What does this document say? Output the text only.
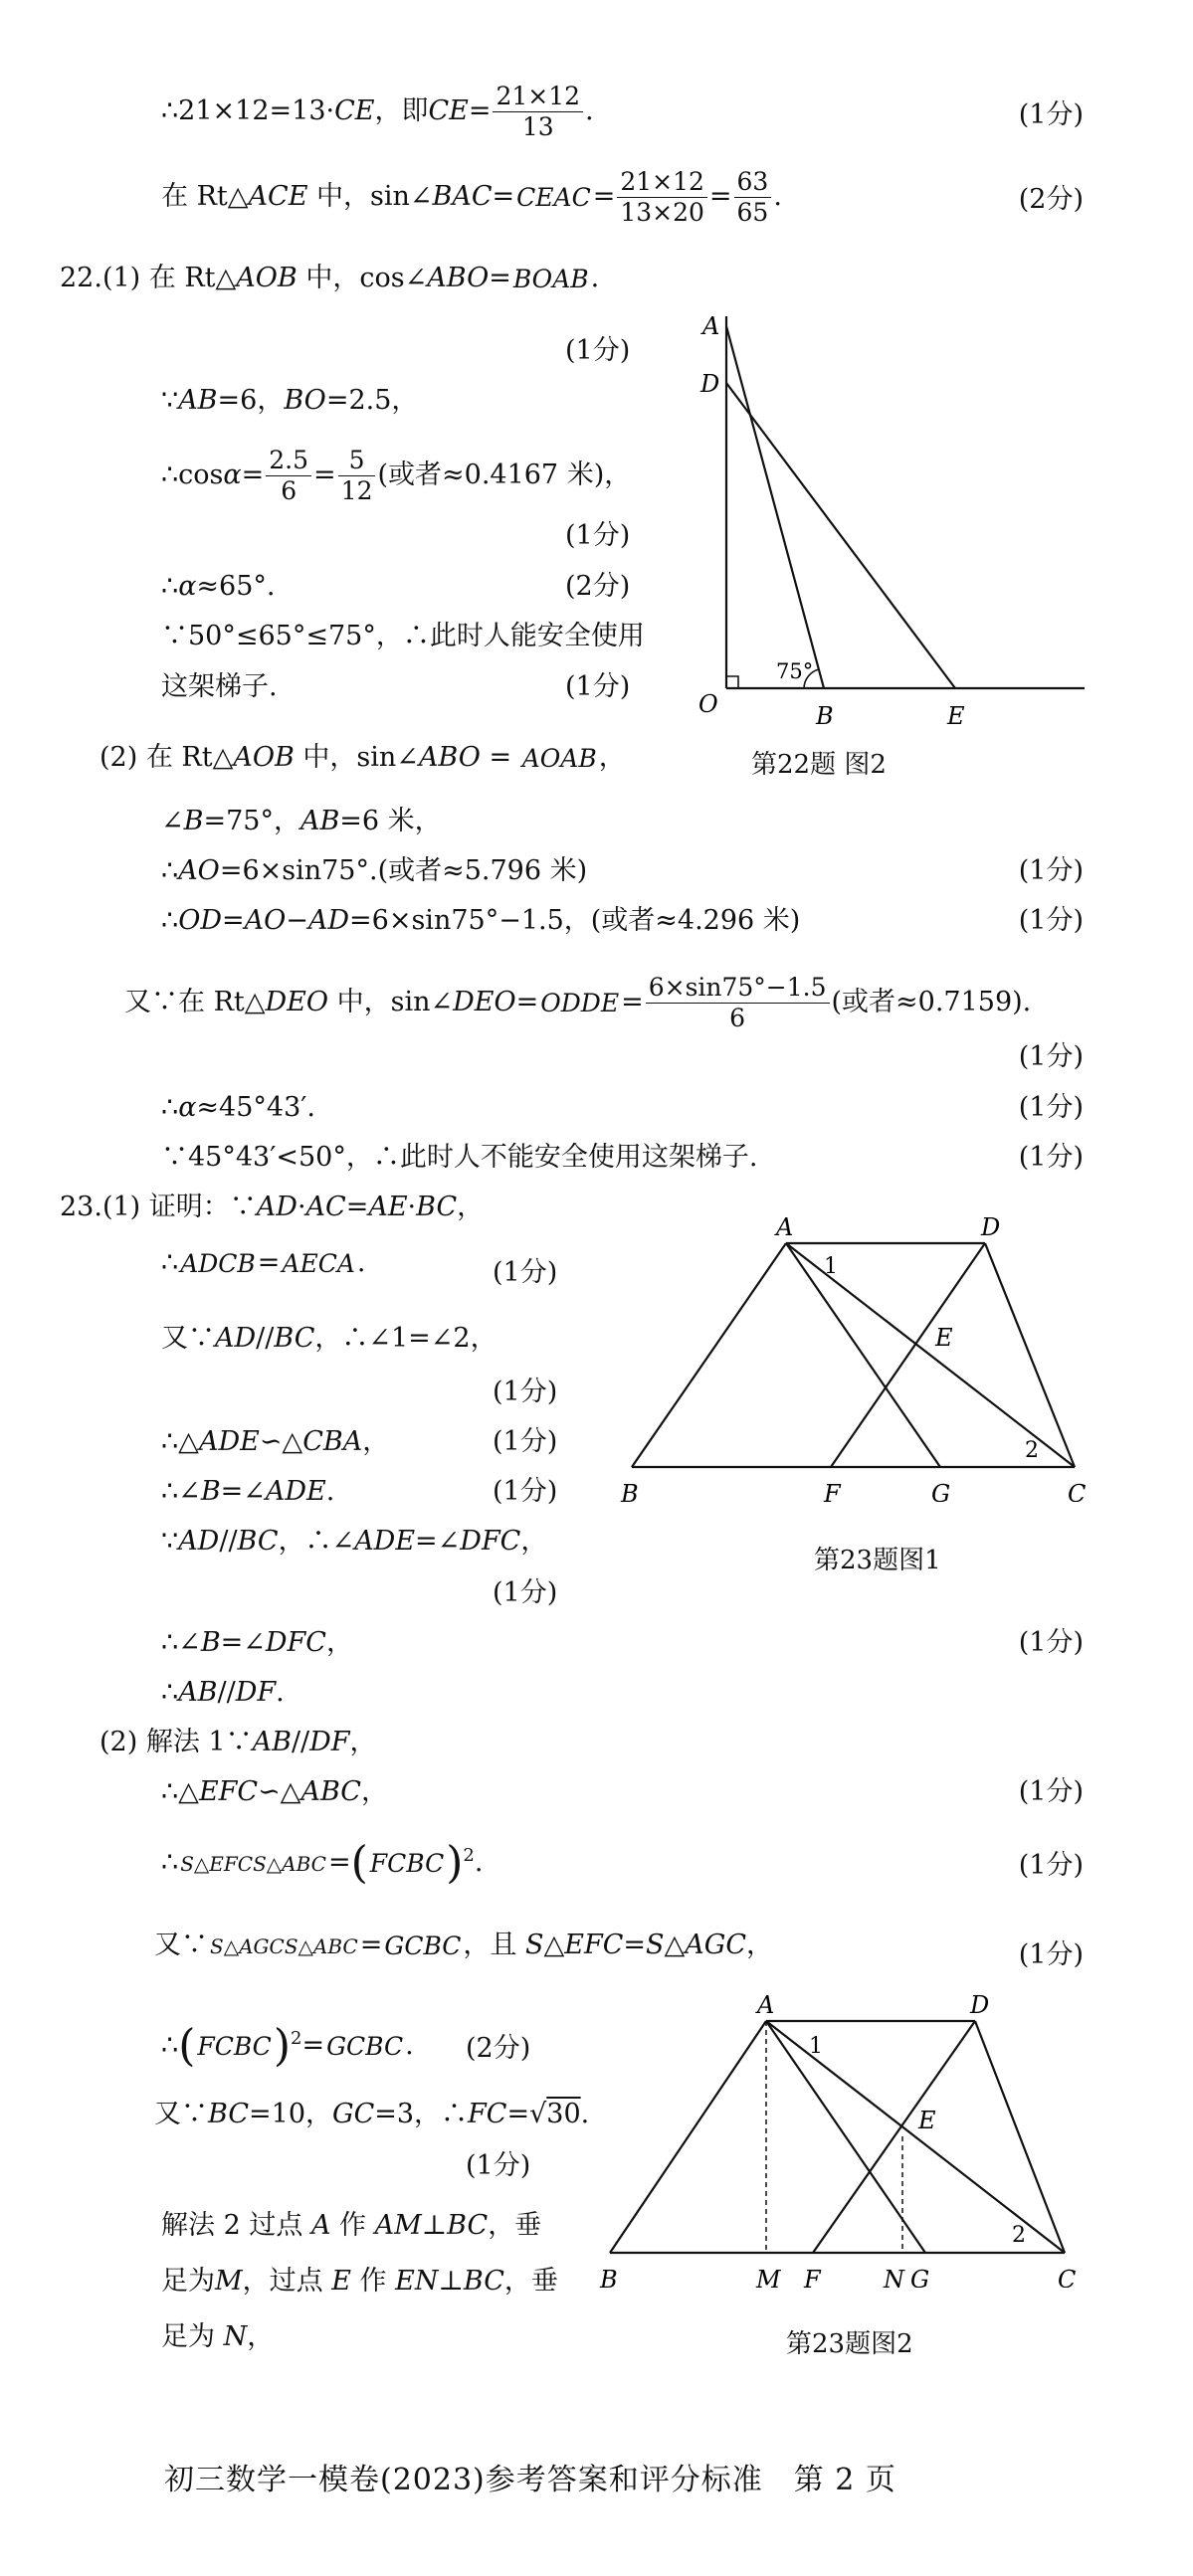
∴21×12=13·CE，即$CE= \frac{21\times 12}{13}$ .	(1分)
在 Rt△ACE 中，sin∠BAC=CEAC= $\frac{21\times 12}{13\times 20} = \frac{63}{65}$ .	(2分)
22.(1) 在 Rt△AOB 中，cos∠ABO=BOAB.
(1分)
∵AB=6，BO=2.5，
∴cosα= $\frac{2.5}{6} = \frac{5}{12}$ (或者≈0.4167 米)，
(1分)
∴α≈65°.	(2分)
∵50°≤65°≤75°，∴此时人能安全使用
这架梯子.	(1分)
A
D
O	B	E
75°
第22题 图2
(2) 在 Rt△AOB 中，sin∠ABO = AOAB，
∠B=75°，AB=6 米，
∴AO=6×sin75°.(或者≈5.796 米)	(1分)
∴OD=AO−AD=6×sin75°−1.5，(或者≈4.296 米)	(1分)
又∵在 Rt△DEO 中，sin∠DEO=ODDE= $\frac{6\times\sin 75^\circ-1.5}{6}$ (或者≈0.7159).
(1分)
∴α≈45°43′.	(1分)
∵45°43′<50°，∴此时人不能安全使用这架梯子.	(1分)
23.(1) 证明：∵AD·AC=AE·BC，
∴ADCB=AECA.	(1分)
又∵AD//BC，∴∠1=∠2，
(1分)
∴△ADE∽△CBA，	(1分)
∴∠B=∠ADE.	(1分)
∵AD//BC，∴∠ADE=∠DFC，
(1分)
∴∠B=∠DFC，	(1分)
∴AB//DF.
A	D
B	F	G	C
E
1
2
第23题图1
(2) 解法 1∵AB//DF，
∴△EFC∽△ABC，	(1分)
∴ S△EFCS△ABC=(FCBC)$^2$.	(1分)
又∵ S△AGCS△ABC=GCBC，且 S△EFC=S△AGC，	(1分)
∴(FCBC)$^2$=GCBC. (2分)
又∵BC=10，GC=3，∴FC=√30.
(1分)
解法 2 过点 A 作 AM⊥BC，垂
足为M，过点 E 作 EN⊥BC，垂
足为 N，
A	D
B	M F	N G	C
E
1
2
第23题图2
初三数学一模卷(2023)参考答案和评分标准　第 2 页
